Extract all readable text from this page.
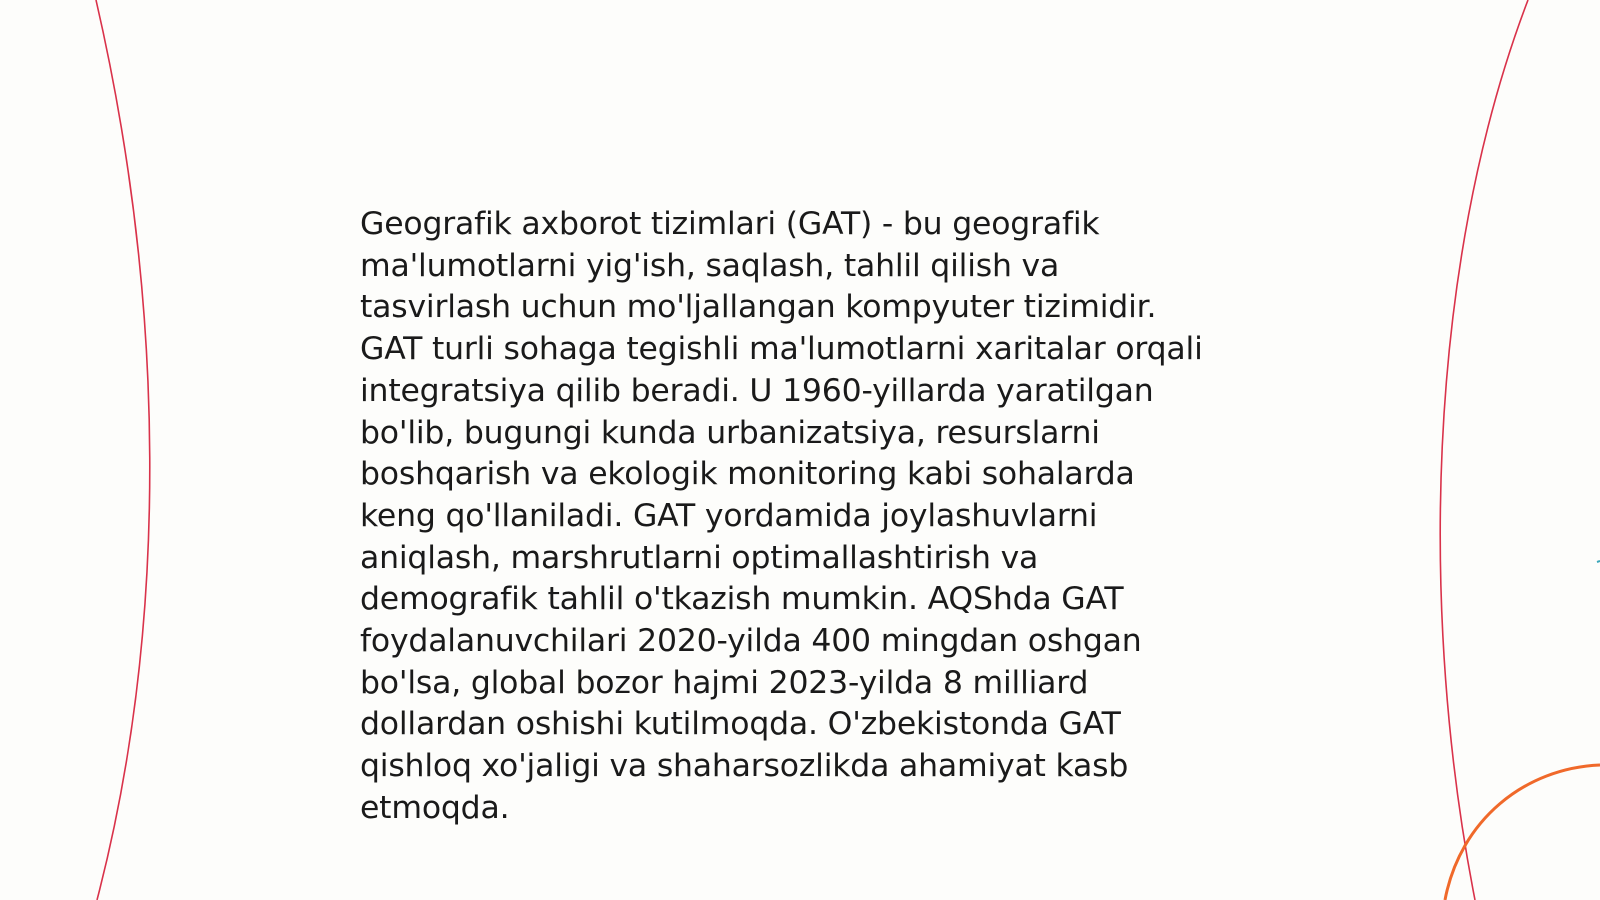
Geografik axborot tizimlari (GAT) - bu geografik
ma'lumotlarni yig'ish, saqlash, tahlil qilish va
tasvirlash uchun mo'ljallangan kompyuter tizimidir.
GAT turli sohaga tegishli ma'lumotlarni xaritalar orqali
integratsiya qilib beradi. U 1960-yillarda yaratilgan
bo'lib, bugungi kunda urbanizatsiya, resurslarni
boshqarish va ekologik monitoring kabi sohalarda
keng qo'llaniladi. GAT yordamida joylashuvlarni
aniqlash, marshrutlarni optimallashtirish va
demografik tahlil o'tkazish mumkin. AQShda GAT
foydalanuvchilari 2020-yilda 400 mingdan oshgan
bo'lsa, global bozor hajmi 2023-yilda 8 milliard
dollardan oshishi kutilmoqda. O'zbekistonda GAT
qishloq xo'jaligi va shaharsozlikda ahamiyat kasb
etmoqda.
